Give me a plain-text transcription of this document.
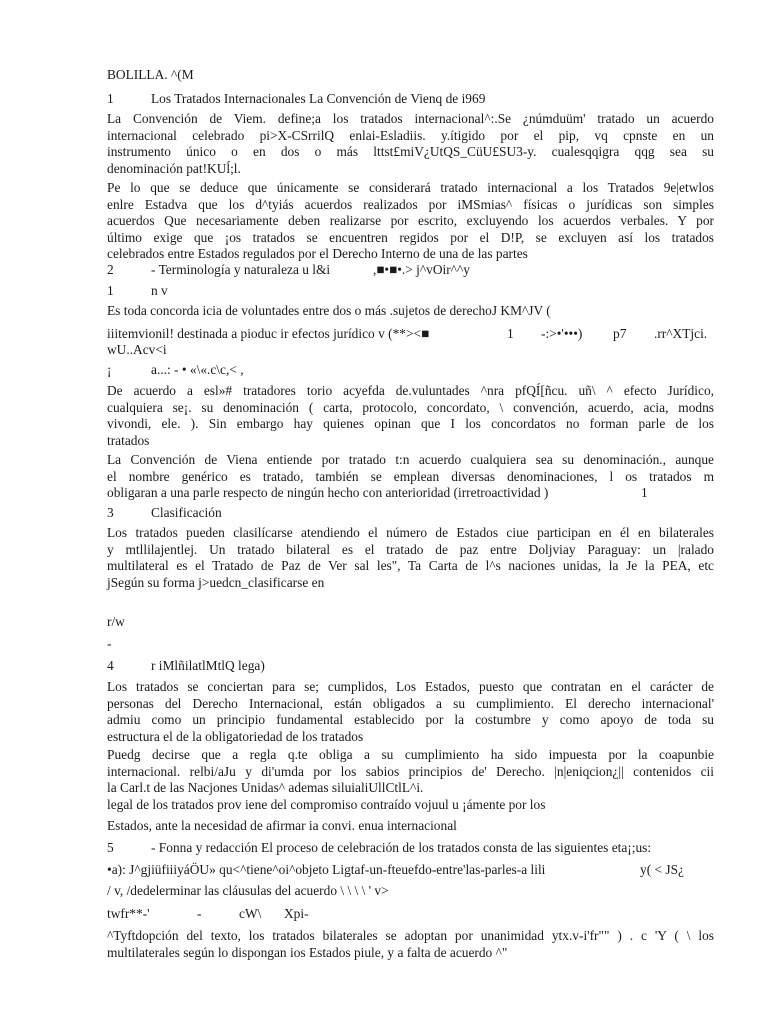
BOLILLA. ^(M
1	Los Tratados Internacionales La Convención de Vienq de i969
La Convención de Viem. define;a los tratados internacional^:.Se ¿númduüm' tratado un acuerdo
internacional celebrado pi>X-CSrrilQ enlai-Esladiis. y.ítigido por el pip, vq cpnste en un
instrumento único o en dos o más lttst£miV¿UtQS_CüU£SU3-y. cualesqqigra qqg sea su
denominación pat!KUĺ;l.
Pe lo que se deduce que únicamente se considerará tratado internacional a los Tratados 9e|etwlos
enlre Estadva que los d^tyiás acuerdos realizados por iMSmias^ físicas o jurídicas son simples
acuerdos Que necesariamente deben realizarse por escrito, excluyendo los acuerdos verbales. Y por
último exige que ¡os tratados se encuentren regidos por el D!P, se excluyen así los tratados
celebrados entre Estados regulados por el Derecho Interno de una de las partes
2	- Terminología y naturaleza u l&i	,■•■•.> j^vOir^^y
1	n v
Es toda concorda icia de voluntades entre dos o más .sujetos de derechoJ KM^JV (
iiitemvionil! destinada a pioduc ir efectos jurídico v (**><■	1 -:>•'•••) p7 .rr^XTjci.
wU..Acv<i
¡	a...: - • «\«.c\c,< ,
De acuerdo a esl»# tratadores torio acyefda de.vuluntades ^nra pfQÍ[ñcu. uñ\ ^ efecto Jurídico,
cualquiera se¡. su denominación ( carta, protocolo, concordato, \ convención, acuerdo, acia, modns
vivondi, ele. ). Sin embargo hay quienes opinan que I los concordatos no forman parle de los
tratados
La Convención de Viena entiende por tratado t:n acuerdo cualquiera sea su denominación., aunque
el nombre genérico es tratado, también se emplean diversas denominaciones, l os tratados m
obligaran a una parle respecto de ningún hecho con anterioridad (irretroactividad )	1
3	Clasificación
Los tratados pueden clasilícarse atendiendo el número de Estados ciue participan en él en bilaterales
y mtllilajentlej. Un tratado bilateral es el tratado de paz entre Doljviay Paraguay: un |ralado
multilateral es el Tratado de Paz de Ver sal les", Ta Carta de l^s naciones unidas, la Je la PEA, etc
jSegún su forma j>uedcn_clasificarse en
r/w
-
4	r iMlñilatlMtlQ lega)
Los tratados se conciertan para se; cumplidos, Los Estados, puesto que contratan en el carácter de
personas del Derecho Internacional, están obligados a su cumplimiento. El derecho internacional'
admiu como un principio fundamental establecido por la costumbre y como apoyo de toda su
estructura el de la obligatoriedad de los tratados
Puedg decirse que a regla q.te obliga a su cumplimiento ha sido impuesta por la coapunbie
internacional. relbi/aJu y di'umda por los sabios principios de' Derecho. |n|eniqcion¿|| contenidos cii
la Carl.t de las Nacjones Unidas^ ademas siluialiUllCtlL^i.
legal de los tratados prov iene del compromiso contraído vojuul u ¡ámente por los
Estados, ante la necesidad de afirmar ia convi. enua internacional
5	- Fonna y redacción El proceso de celebración de los tratados consta de las siguientes eta¡;us:
•a): J^gjiüfiiiyáÖU» qu<^tiene^oi^objeto Ligtaf-un-fteuefdo-entre'las-parles-a lili	y( < JS¿
/ v, /dedelerminar las cláusulas del acuerdo \ \ \ \ ' v>
twfr**-'	-	cW\ Xpi-
^Tyftdopción del texto, los tratados bilaterales se adoptan por unanimidad ytx.v-i'fr"" ) . c 'Y ( \ los
multilaterales según lo dispongan ios Estados piule, y a falta de acuerdo ^"
